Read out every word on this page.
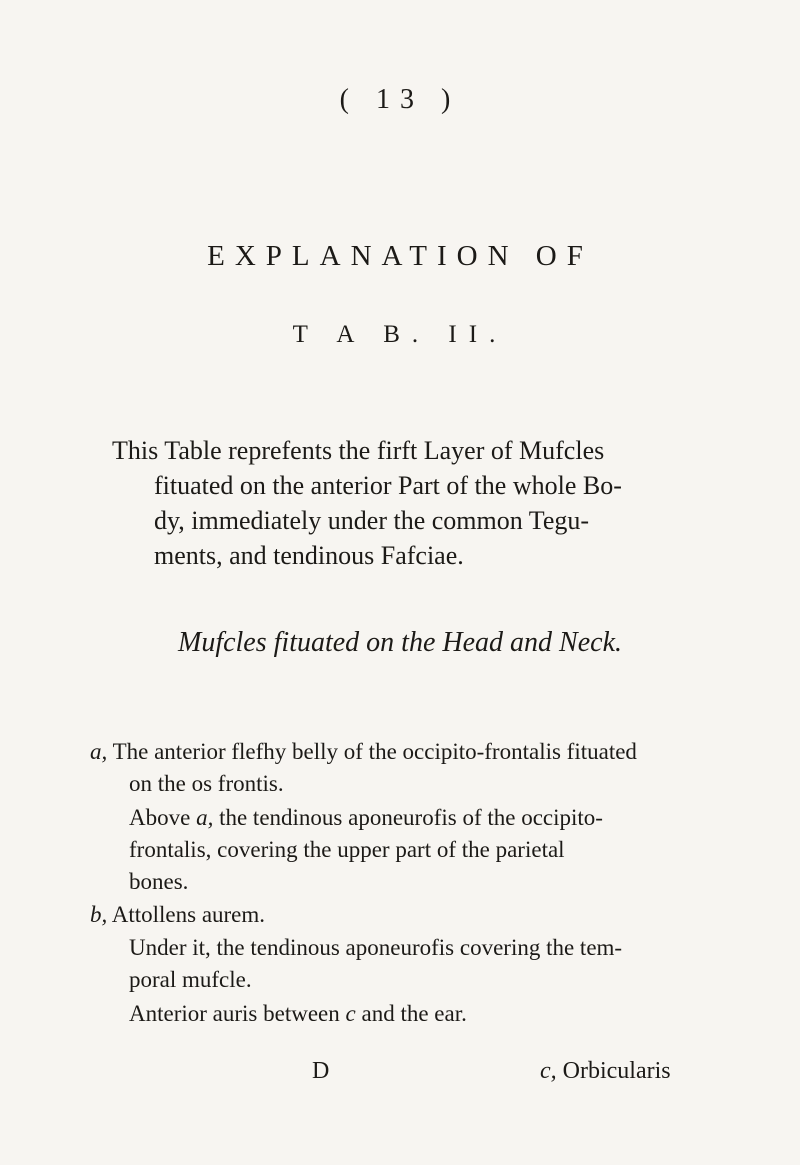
( 13 )
EXPLANATION OF
T A B. II.
This Table reprefents the firft Layer of Mufcles
fituated on the anterior Part of the whole Bo-
dy, immediately under the common Tegu-
ments, and tendinous Fafciae.
Mufcles fituated on the Head and Neck.
a, The anterior flefhy belly of the occipito-frontalis fituated
on the os frontis.
Above a, the tendinous aponeurofis of the occipito-
frontalis, covering the upper part of the parietal
bones.
b, Attollens aurem.
Under it, the tendinous aponeurofis covering the tem-
poral mufcle.
Anterior auris between c and the ear.
D	c, Orbicularis
